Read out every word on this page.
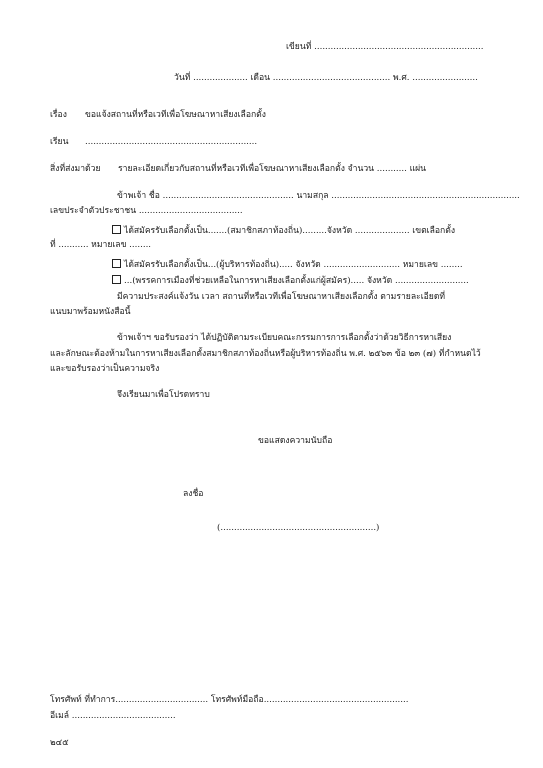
เขียนที่ ..............................................................
วันที่ .................... เดือน ........................................... พ.ศ. ........................
เรื่อง ขอแจ้งสถานที่หรือเวทีเพื่อโฆษณาหาเสียงเลือกตั้ง
เรียน ...............................................................
สิ่งที่ส่งมาด้วย รายละเอียดเกี่ยวกับสถานที่หรือเวทีเพื่อโฆษณาหาเสียงเลือกตั้ง จำนวน ........... แผ่น
ข้าพเจ้า ชื่อ ................................................ นามสกุล .....................................................................
เลขประจำตัวประชาชน ......................................
ได้สมัครรับเลือกตั้งเป็น.......(สมาชิกสภาท้องถิ่น).........จังหวัด .................... เขตเลือกตั้ง
ที่ ........... หมายเลข ........
ได้สมัครรับเลือกตั้งเป็น...(ผู้บริหารท้องถิ่น)..... จังหวัด ............................ หมายเลข ........
...(พรรคการเมืองที่ช่วยเหลือในการหาเสียงเลือกตั้งแก่ผู้สมัคร)..... จังหวัด ...........................
มีความประสงค์แจ้งวัน เวลา สถานที่หรือเวทีเพื่อโฆษณาหาเสียงเลือกตั้ง ตามรายละเอียดที่
แนบมาพร้อมหนังสือนี้
ข้าพเจ้าฯ ขอรับรองว่า ได้ปฏิบัติตามระเบียบคณะกรรมการการเลือกตั้งว่าด้วยวิธีการหาเสียง
และลักษณะต้องห้ามในการหาเสียงเลือกตั้งสมาชิกสภาท้องถิ่นหรือผู้บริหารท้องถิ่น พ.ศ. ๒๕๖๓ ข้อ ๒๓ (๗) ที่กำหนดไว้
และขอรับรองว่าเป็นความจริง
จึงเรียนมาเพื่อโปรดทราบ
ขอแสดงความนับถือ
ลงชื่อ
(.........................................................)
โทรศัพท์ ที่ทำการ.................................. โทรศัพท์มือถือ.....................................................
อีเมล์ ......................................
๒๔๕
